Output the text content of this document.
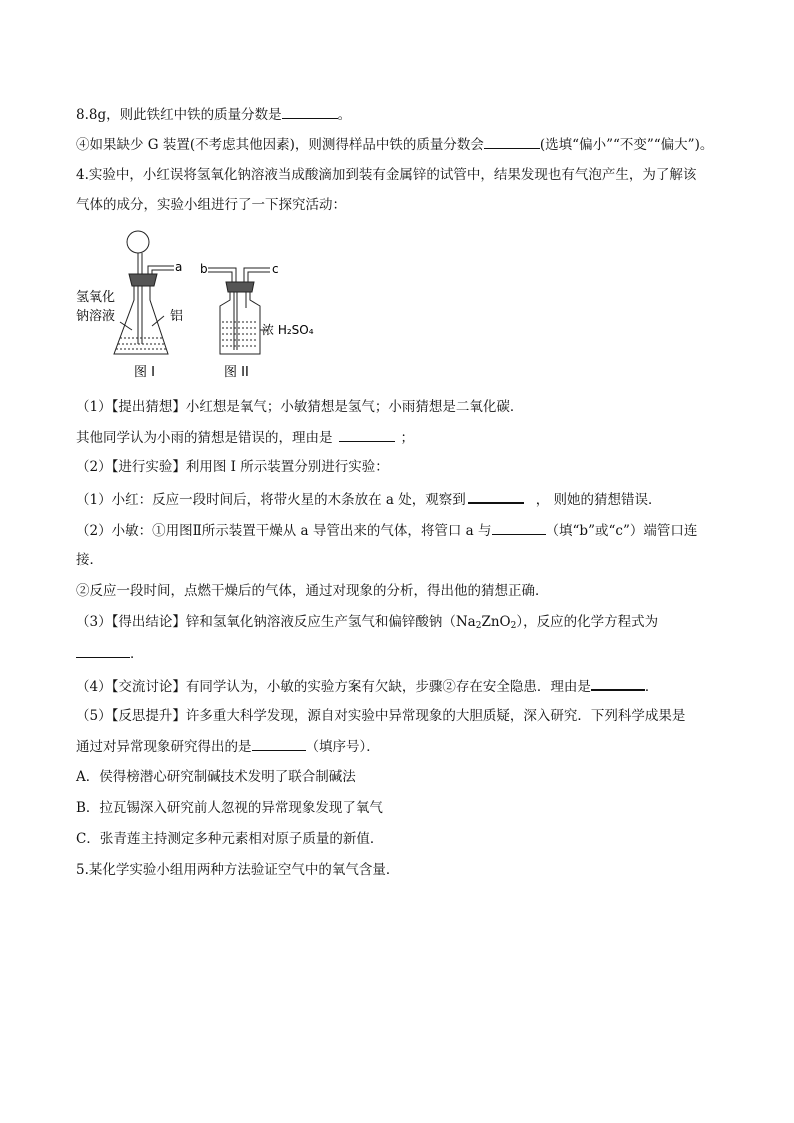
8.8g，则此铁红中铁的质量分数是	。
④如果缺少 G 装置(不考虑其他因素)，则测得样品中铁的质量分数会	(选填“偏小”“不变”“偏大”)。
4.实验中，小红误将氢氧化钠溶液当成酸滴加到装有金属锌的试管中，结果发现也有气泡产生，为了解该
气体的成分，实验小组进行了一下探究活动：
a
氢氧化
钠溶液	铝
图 I
b	c
浓 H₂SO₄
图 II
（1）【提出猜想】小红想是氧气；小敏猜想是氢气；小雨猜想是二氧化碳．
其他同学认为小雨的猜想是错误的，理由是	；
（2）【进行实验】利用图 I 所示装置分别进行实验：
（1）小红：反应一段时间后，将带火星的木条放在 a 处，观察到	， 则她的猜想错误．
（2）小敏：①用图Ⅱ所示装置干燥从 a 导管出来的气体，将管口 a 与	（填“b”或“c”）端管口连
接．
②反应一段时间，点燃干燥后的气体，通过对现象的分析，得出他的猜想正确．
（3）【得出结论】锌和氢氧化钠溶液反应生产氢气和偏锌酸钠$(Na_2ZnO_2)$，反应的化学方程式为
．
（4）【交流讨论】有同学认为，小敏的实验方案有欠缺，步骤②存在安全隐患．理由是	．
（5）【反思提升】许多重大科学发现，源自对实验中异常现象的大胆质疑，深入研究．下列科学成果是
通过对异常现象研究得出的是	（填序号）．
A．侯得榜潜心研究制碱技术发明了联合制碱法
B．拉瓦锡深入研究前人忽视的异常现象发现了氧气
C．张青莲主持测定多种元素相对原子质量的新值．
5.某化学实验小组用两种方法验证空气中的氧气含量．
